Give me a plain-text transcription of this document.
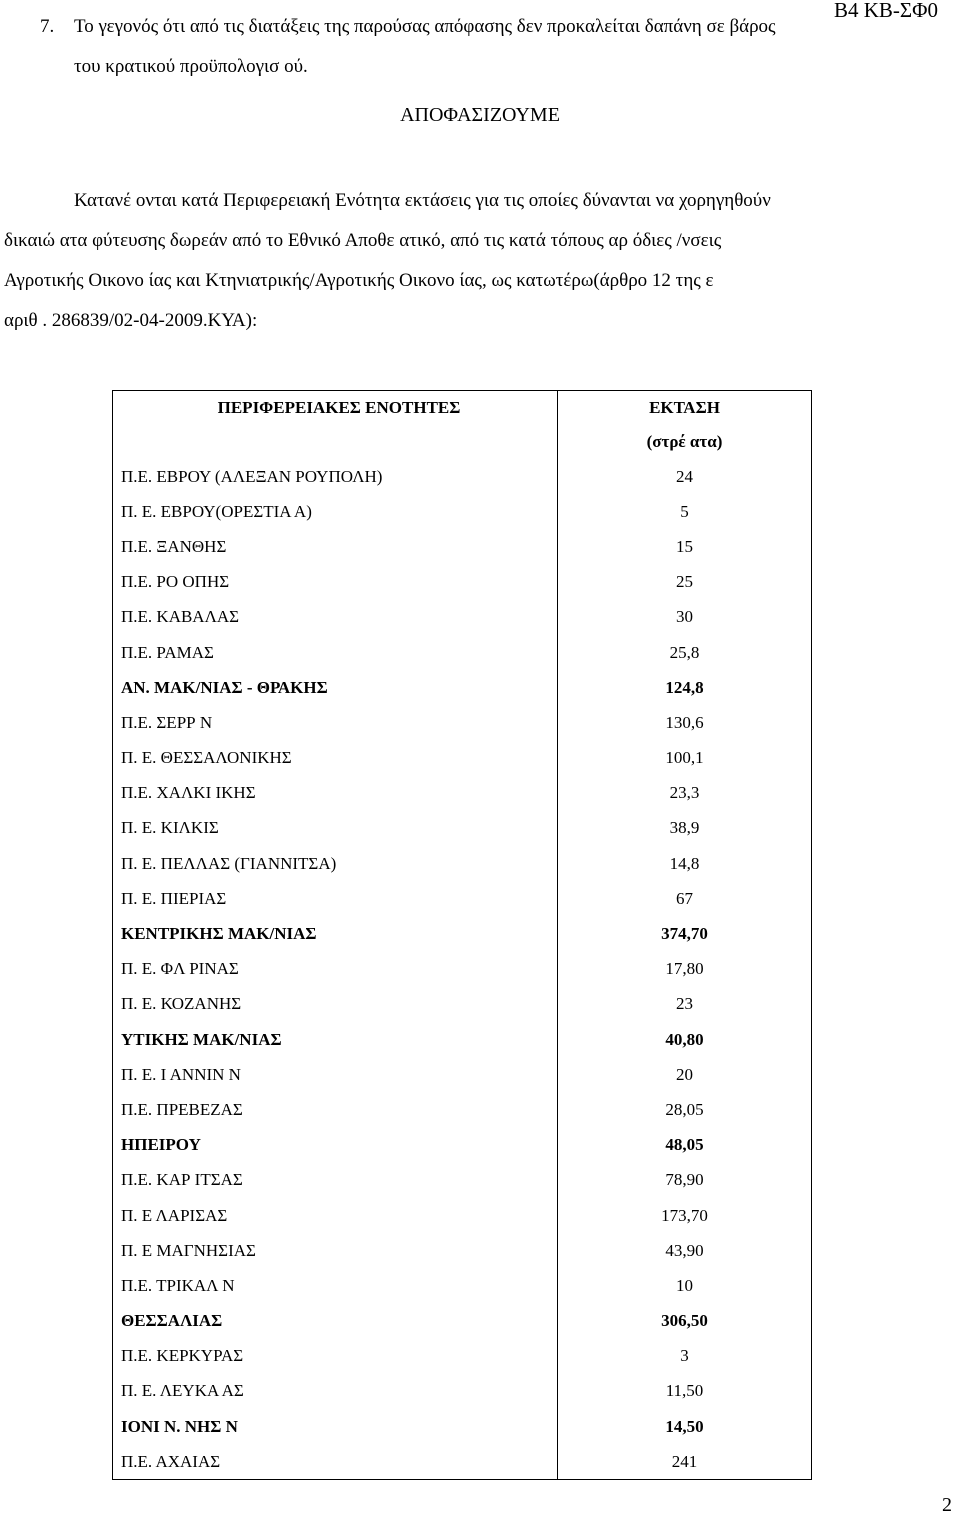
Β4 ΚΒ-ΣΦ0
7. Το γεγονός ότι από τις διατάξεις της παρούσας απόφασης δεν προκαλείται δαπάνη σε βάρος
του κρατικού προϋπολογισ ού.
ΑΠΟΦΑΣΙΖΟΥΜΕ
Κατανέ ονται κατά Περιφερειακή Ενότητα εκτάσεις για τις οποίες δύνανται να χορηγηθούν
δικαιώ ατα φύτευσης δωρεάν από το Εθνικό Αποθε ατικό, από τις κατά τόπους αρ όδιες /νσεις
Αγροτικής Οικονο ίας και Κτηνιατρικής/Αγροτικής Οικονο ίας, ως κατωτέρω(άρθρο 12 της ε
αριθ . 286839/02-04-2009.ΚΥΑ):
ΠΕΡΙΦΕΡΕΙΑΚΕΣ ΕΝΟΤΗΤΕΣ	ΕΚΤΑΣΗ
	(στρέ ατα)
Π.Ε. ΕΒΡΟΥ (ΑΛΕΞΑΝ ΡΟΥΠΟΛΗ)	24
Π. Ε. ΕΒΡΟΥ(ΟΡΕΣΤΙΑ Α)	5
Π.Ε. ΞΑΝΘΗΣ	15
Π.Ε. ΡΟ ΟΠΗΣ	25
Π.Ε. ΚΑΒΑΛΑΣ	30
Π.Ε. ΡΑΜΑΣ	25,8
ΑΝ. ΜΑΚ/ΝΙΑΣ - ΘΡΑΚΗΣ	124,8
Π.Ε. ΣΕΡΡ Ν	130,6
Π. Ε. ΘΕΣΣΑΛΟΝΙΚΗΣ	100,1
Π.Ε. ΧΑΛΚΙ ΙΚΗΣ	23,3
Π. Ε. ΚΙΛΚΙΣ	38,9
Π. Ε. ΠΕΛΛΑΣ (ΓΙΑΝΝΙΤΣΑ)	14,8
Π. Ε. ΠΙΕΡΙΑΣ	67
ΚΕΝΤΡΙΚΗΣ ΜΑΚ/ΝΙΑΣ	374,70
Π. Ε. ΦΛ ΡΙΝΑΣ	17,80
Π. Ε. ΚΟΖΑΝΗΣ	23
ΥΤΙΚΗΣ ΜΑΚ/ΝΙΑΣ	40,80
Π. Ε. Ι ΑΝΝΙΝ Ν	20
Π.Ε. ΠΡΕΒΕΖΑΣ	28,05
ΗΠΕΙΡΟΥ	48,05
Π.Ε. ΚΑΡ ΙΤΣΑΣ	78,90
Π. Ε ΛΑΡΙΣΑΣ	173,70
Π. Ε ΜΑΓΝΗΣΙΑΣ	43,90
Π.Ε. ΤΡΙΚΑΛ Ν	10
ΘΕΣΣΑΛΙΑΣ	306,50
Π.Ε. ΚΕΡΚΥΡΑΣ	3
Π. Ε. ΛΕΥΚΑ ΑΣ	11,50
ΙΟΝΙ Ν. ΝΗΣ Ν	14,50
Π.Ε. ΑΧΑΙΑΣ	241
2
